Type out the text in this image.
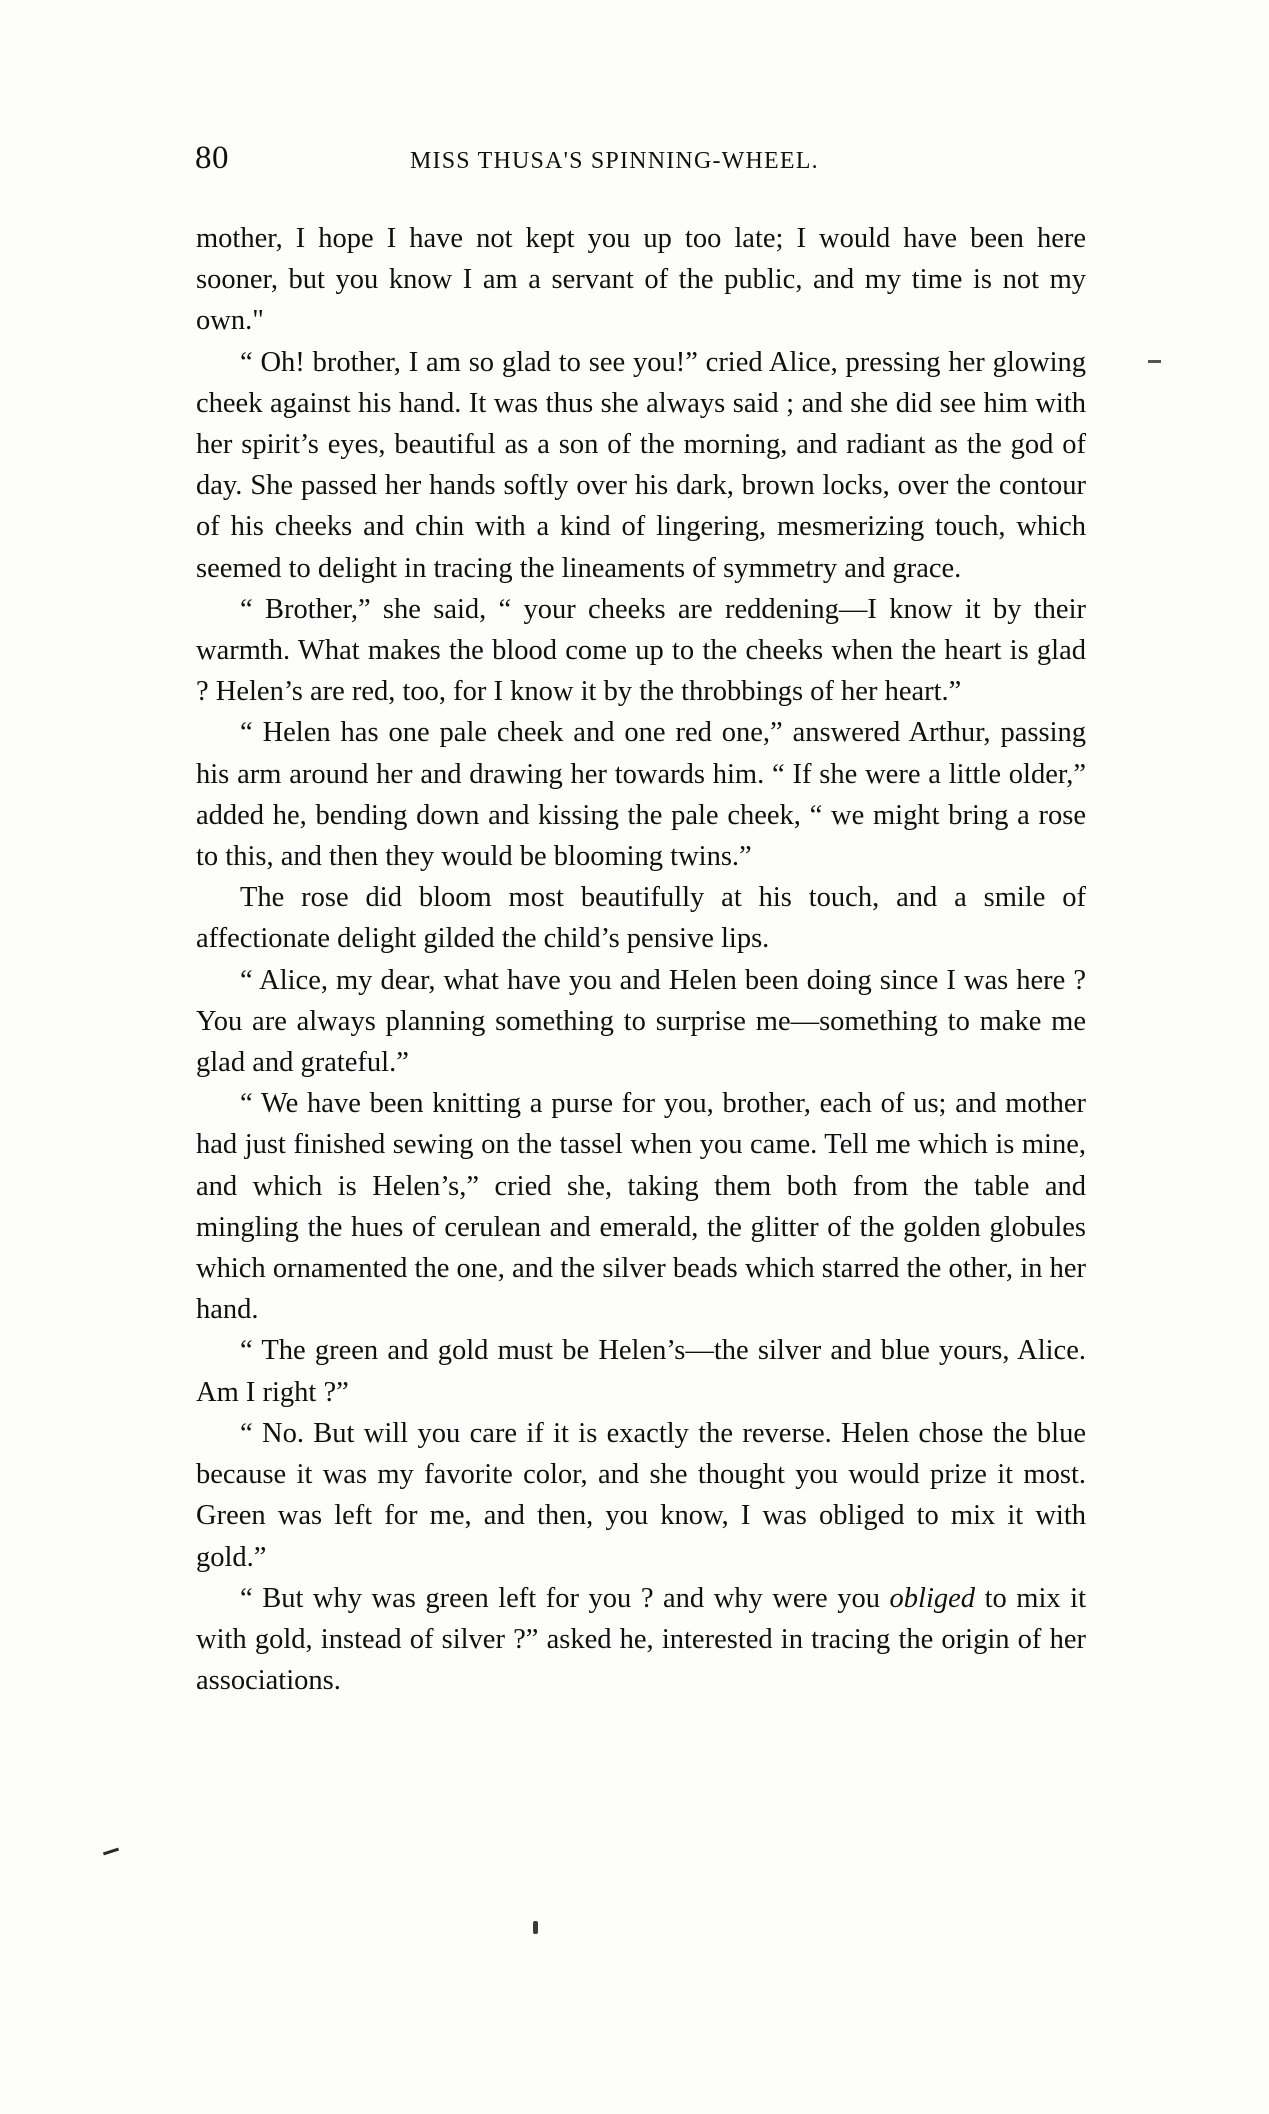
80	MISS THUSA'S SPINNING-WHEEL.

mother, I hope I have not kept you up too late; I would have been here sooner, but you know I am a servant of the public, and my time is not my own."

“ Oh! brother, I am so glad to see you!” cried Alice, pressing her glowing cheek against his hand. It was thus she always said ; and she did see him with her spirit’s eyes, beautiful as a son of the morning, and radiant as the god of day. She passed her hands softly over his dark, brown locks, over the contour of his cheeks and chin with a kind of lingering, mesmerizing touch, which seemed to delight in tracing the lineaments of symmetry and grace.

“ Brother,” she said, “ your cheeks are reddening—I know it by their warmth. What makes the blood come up to the cheeks when the heart is glad ? Helen’s are red, too, for I know it by the throbbings of her heart.”

“ Helen has one pale cheek and one red one,” answered Arthur, passing his arm around her and drawing her towards him. “ If she were a little older,” added he, bending down and kissing the pale cheek, “ we might bring a rose to this, and then they would be blooming twins.”

The rose did bloom most beautifully at his touch, and a smile of affectionate delight gilded the child’s pensive lips.

“ Alice, my dear, what have you and Helen been doing since I was here ? You are always planning something to surprise me—something to make me glad and grateful.”

“ We have been knitting a purse for you, brother, each of us; and mother had just finished sewing on the tassel when you came. Tell me which is mine, and which is Helen’s,” cried she, taking them both from the table and mingling the hues of cerulean and emerald, the glitter of the golden globules which ornamented the one, and the silver beads which starred the other, in her hand.

“ The green and gold must be Helen’s—the silver and blue yours, Alice. Am I right ?”

“ No. But will you care if it is exactly the reverse. Helen chose the blue because it was my favorite color, and she thought you would prize it most. Green was left for me, and then, you know, I was obliged to mix it with gold.”

“ But why was green left for you ? and why were you obliged to mix it with gold, instead of silver ?” asked he, interested in tracing the origin of her associations.
